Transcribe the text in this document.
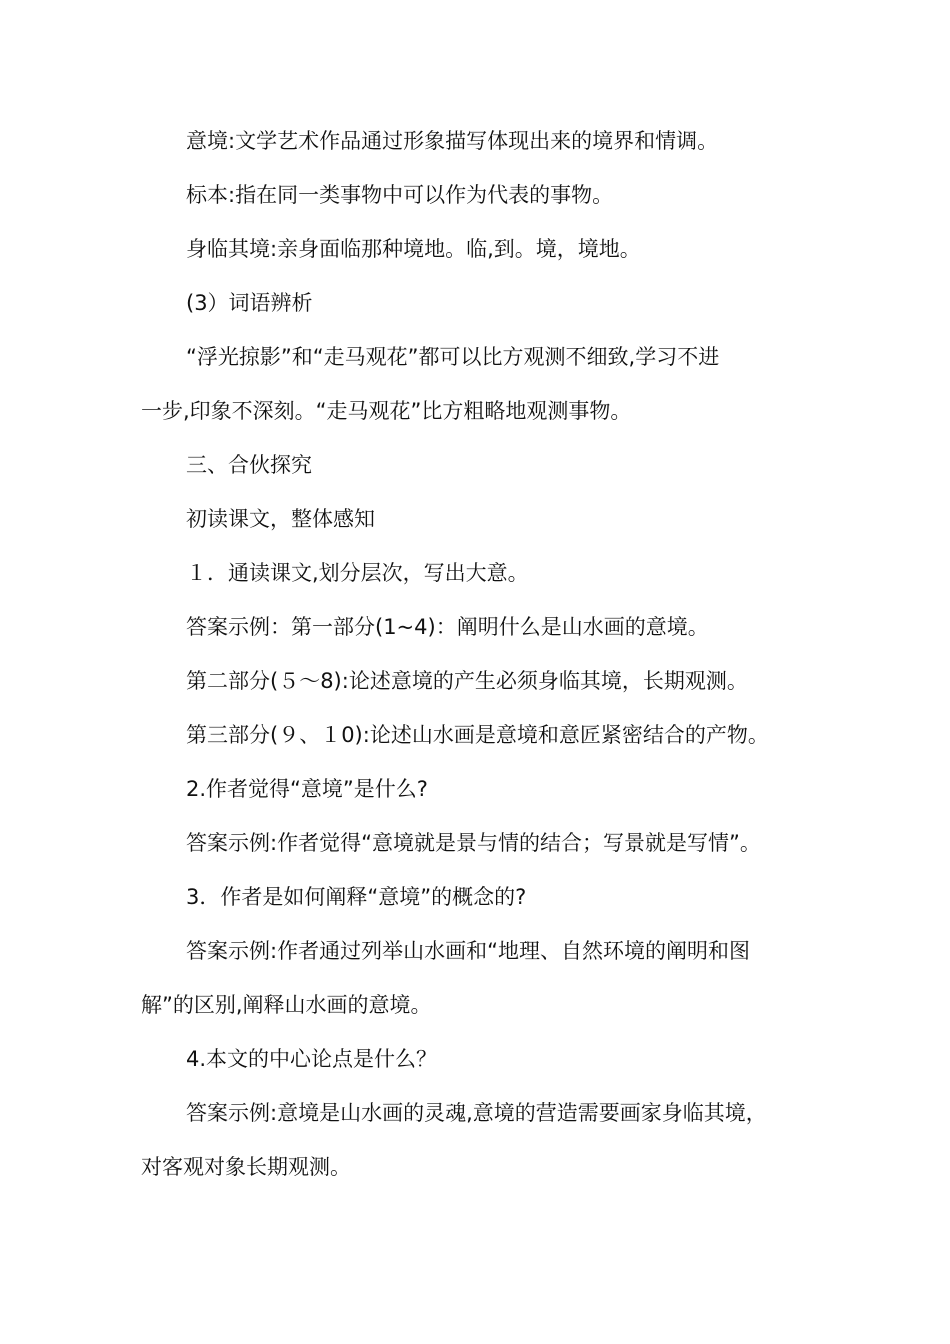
意境:文学艺术作品通过形象描写体现出来的境界和情调。
标本:指在同一类事物中可以作为代表的事物。
身临其境:亲身面临那种境地。临,到。境，境地。
(3）词语辨析
“浮光掠影”和“走马观花”都可以比方观测不细致,学习不进
一步,印象不深刻。“走马观花”比方粗略地观测事物。
三、合伙探究
初读课文，整体感知
１．通读课文,划分层次，写出大意。
答案示例：第一部分(1~4)：阐明什么是山水画的意境。
第二部分(５～8):论述意境的产生必须身临其境，长期观测。
第三部分(９、１0):论述山水画是意境和意匠紧密结合的产物。
2.作者觉得“意境”是什么?
答案示例:作者觉得“意境就是景与情的结合；写景就是写情”。
3．作者是如何阐释“意境”的概念的?
答案示例:作者通过列举山水画和“地理、自然环境的阐明和图
解”的区别,阐释山水画的意境。
4.本文的中心论点是什么？
答案示例:意境是山水画的灵魂,意境的营造需要画家身临其境，
对客观对象长期观测。
